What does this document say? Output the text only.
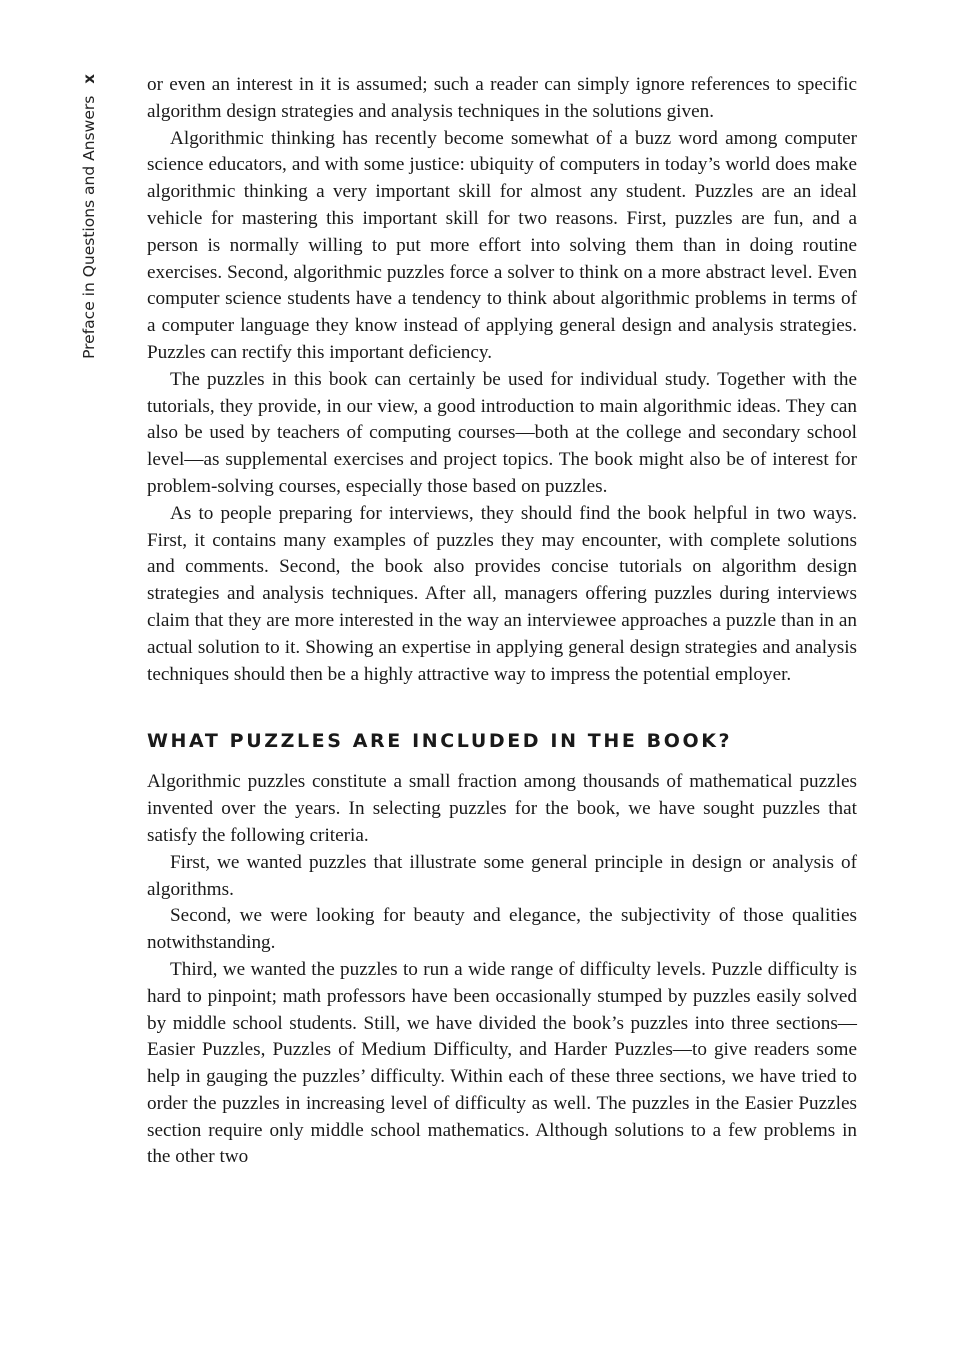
Preface in Questions and Answers
x	or even an interest in it is assumed; such a reader can simply ignore references to specific algorithm design strategies and analysis techniques in the solutions given.

Algorithmic thinking has recently become somewhat of a buzz word among computer science educators, and with some justice: ubiquity of computers in today’s world does make algorithmic thinking a very important skill for almost any student. Puzzles are an ideal vehicle for mastering this important skill for two reasons. First, puzzles are fun, and a person is normally willing to put more effort into solving them than in doing routine exercises. Second, algorithmic puzzles force a solver to think on a more abstract level. Even computer science students have a tendency to think about algorithmic problems in terms of a computer language they know instead of applying general design and analysis strategies. Puzzles can rectify this important deficiency.

The puzzles in this book can certainly be used for individual study. Together with the tutorials, they provide, in our view, a good introduction to main algorithmic ideas. They can also be used by teachers of computing courses—both at the college and secondary school level—as supplemental exercises and project topics. The book might also be of interest for problem-solving courses, especially those based on puzzles.

As to people preparing for interviews, they should find the book helpful in two ways. First, it contains many examples of puzzles they may encounter, with complete solutions and comments. Second, the book also provides concise tutorials on algorithm design strategies and analysis techniques. After all, managers offering puzzles during interviews claim that they are more interested in the way an interviewee approaches a puzzle than in an actual solution to it. Showing an expertise in applying general design strategies and analysis techniques should then be a highly attractive way to impress the potential employer.

WHAT PUZZLES ARE INCLUDED IN THE BOOK?

Algorithmic puzzles constitute a small fraction among thousands of mathematical puzzles invented over the years. In selecting puzzles for the book, we have sought puzzles that satisfy the following criteria.

First, we wanted puzzles that illustrate some general principle in design or analysis of algorithms.

Second, we were looking for beauty and elegance, the subjectivity of those qualities notwithstanding.

Third, we wanted the puzzles to run a wide range of difficulty levels. Puzzle difficulty is hard to pinpoint; math professors have been occasionally stumped by puzzles easily solved by middle school students. Still, we have divided the book’s puzzles into three sections—Easier Puzzles, Puzzles of Medium Difficulty, and Harder Puzzles—to give readers some help in gauging the puzzles’ difficulty. Within each of these three sections, we have tried to order the puzzles in increasing level of difficulty as well. The puzzles in the Easier Puzzles section require only middle school mathematics. Although solutions to a few problems in the other two
